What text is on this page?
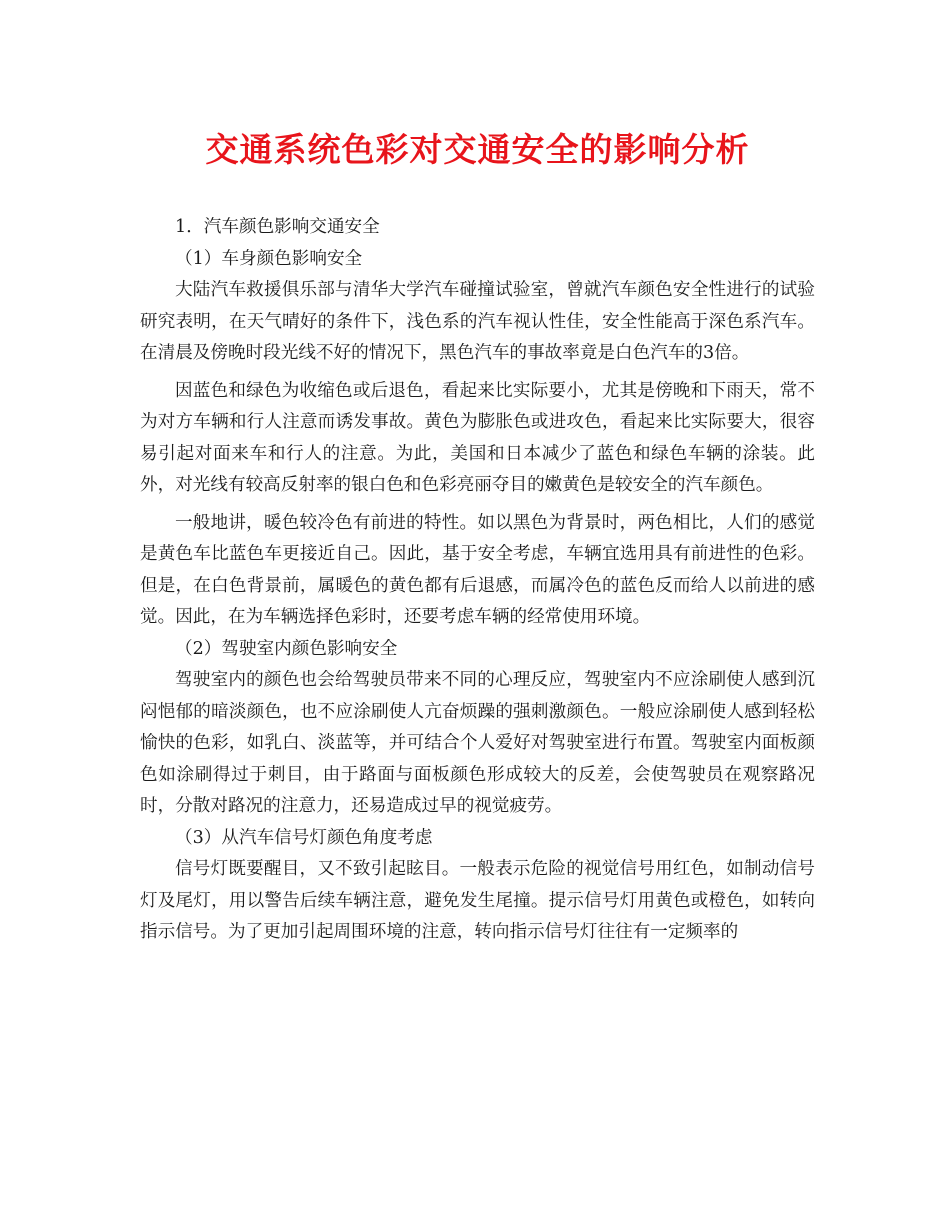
交通系统色彩对交通安全的影响分析

1．汽车颜色影响交通安全

（1）车身颜色影响安全

大陆汽车救援俱乐部与清华大学汽车碰撞试验室，曾就汽车颜色安全性进行的试验研究表明，在天气晴好的条件下，浅色系的汽车视认性佳，安全性能高于深色系汽车。在清晨及傍晚时段光线不好的情况下，黑色汽车的事故率竟是白色汽车的3倍。

因蓝色和绿色为收缩色或后退色，看起来比实际要小，尤其是傍晚和下雨天，常不为对方车辆和行人注意而诱发事故。黄色为膨胀色或进攻色，看起来比实际要大，很容易引起对面来车和行人的注意。为此，美国和日本减少了蓝色和绿色车辆的涂装。此外，对光线有较高反射率的银白色和色彩亮丽夺目的嫩黄色是较安全的汽车颜色。

一般地讲，暖色较冷色有前进的特性。如以黑色为背景时，两色相比，人们的感觉是黄色车比蓝色车更接近自己。因此，基于安全考虑，车辆宜选用具有前进性的色彩。但是，在白色背景前，属暖色的黄色都有后退感，而属冷色的蓝色反而给人以前进的感觉。因此，在为车辆选择色彩时，还要考虑车辆的经常使用环境。

（2）驾驶室内颜色影响安全

驾驶室内的颜色也会给驾驶员带来不同的心理反应，驾驶室内不应涂刷使人感到沉闷悒郁的暗淡颜色，也不应涂刷使人亢奋烦躁的强刺激颜色。一般应涂刷使人感到轻松愉快的色彩，如乳白、淡蓝等，并可结合个人爱好对驾驶室进行布置。驾驶室内面板颜色如涂刷得过于刺目，由于路面与面板颜色形成较大的反差，会使驾驶员在观察路况时，分散对路况的注意力，还易造成过早的视觉疲劳。

（3）从汽车信号灯颜色角度考虑

信号灯既要醒目，又不致引起眩目。一般表示危险的视觉信号用红色，如制动信号灯及尾灯，用以警告后续车辆注意，避免发生尾撞。提示信号灯用黄色或橙色，如转向指示信号。为了更加引起周围环境的注意，转向指示信号灯往往有一定频率的
